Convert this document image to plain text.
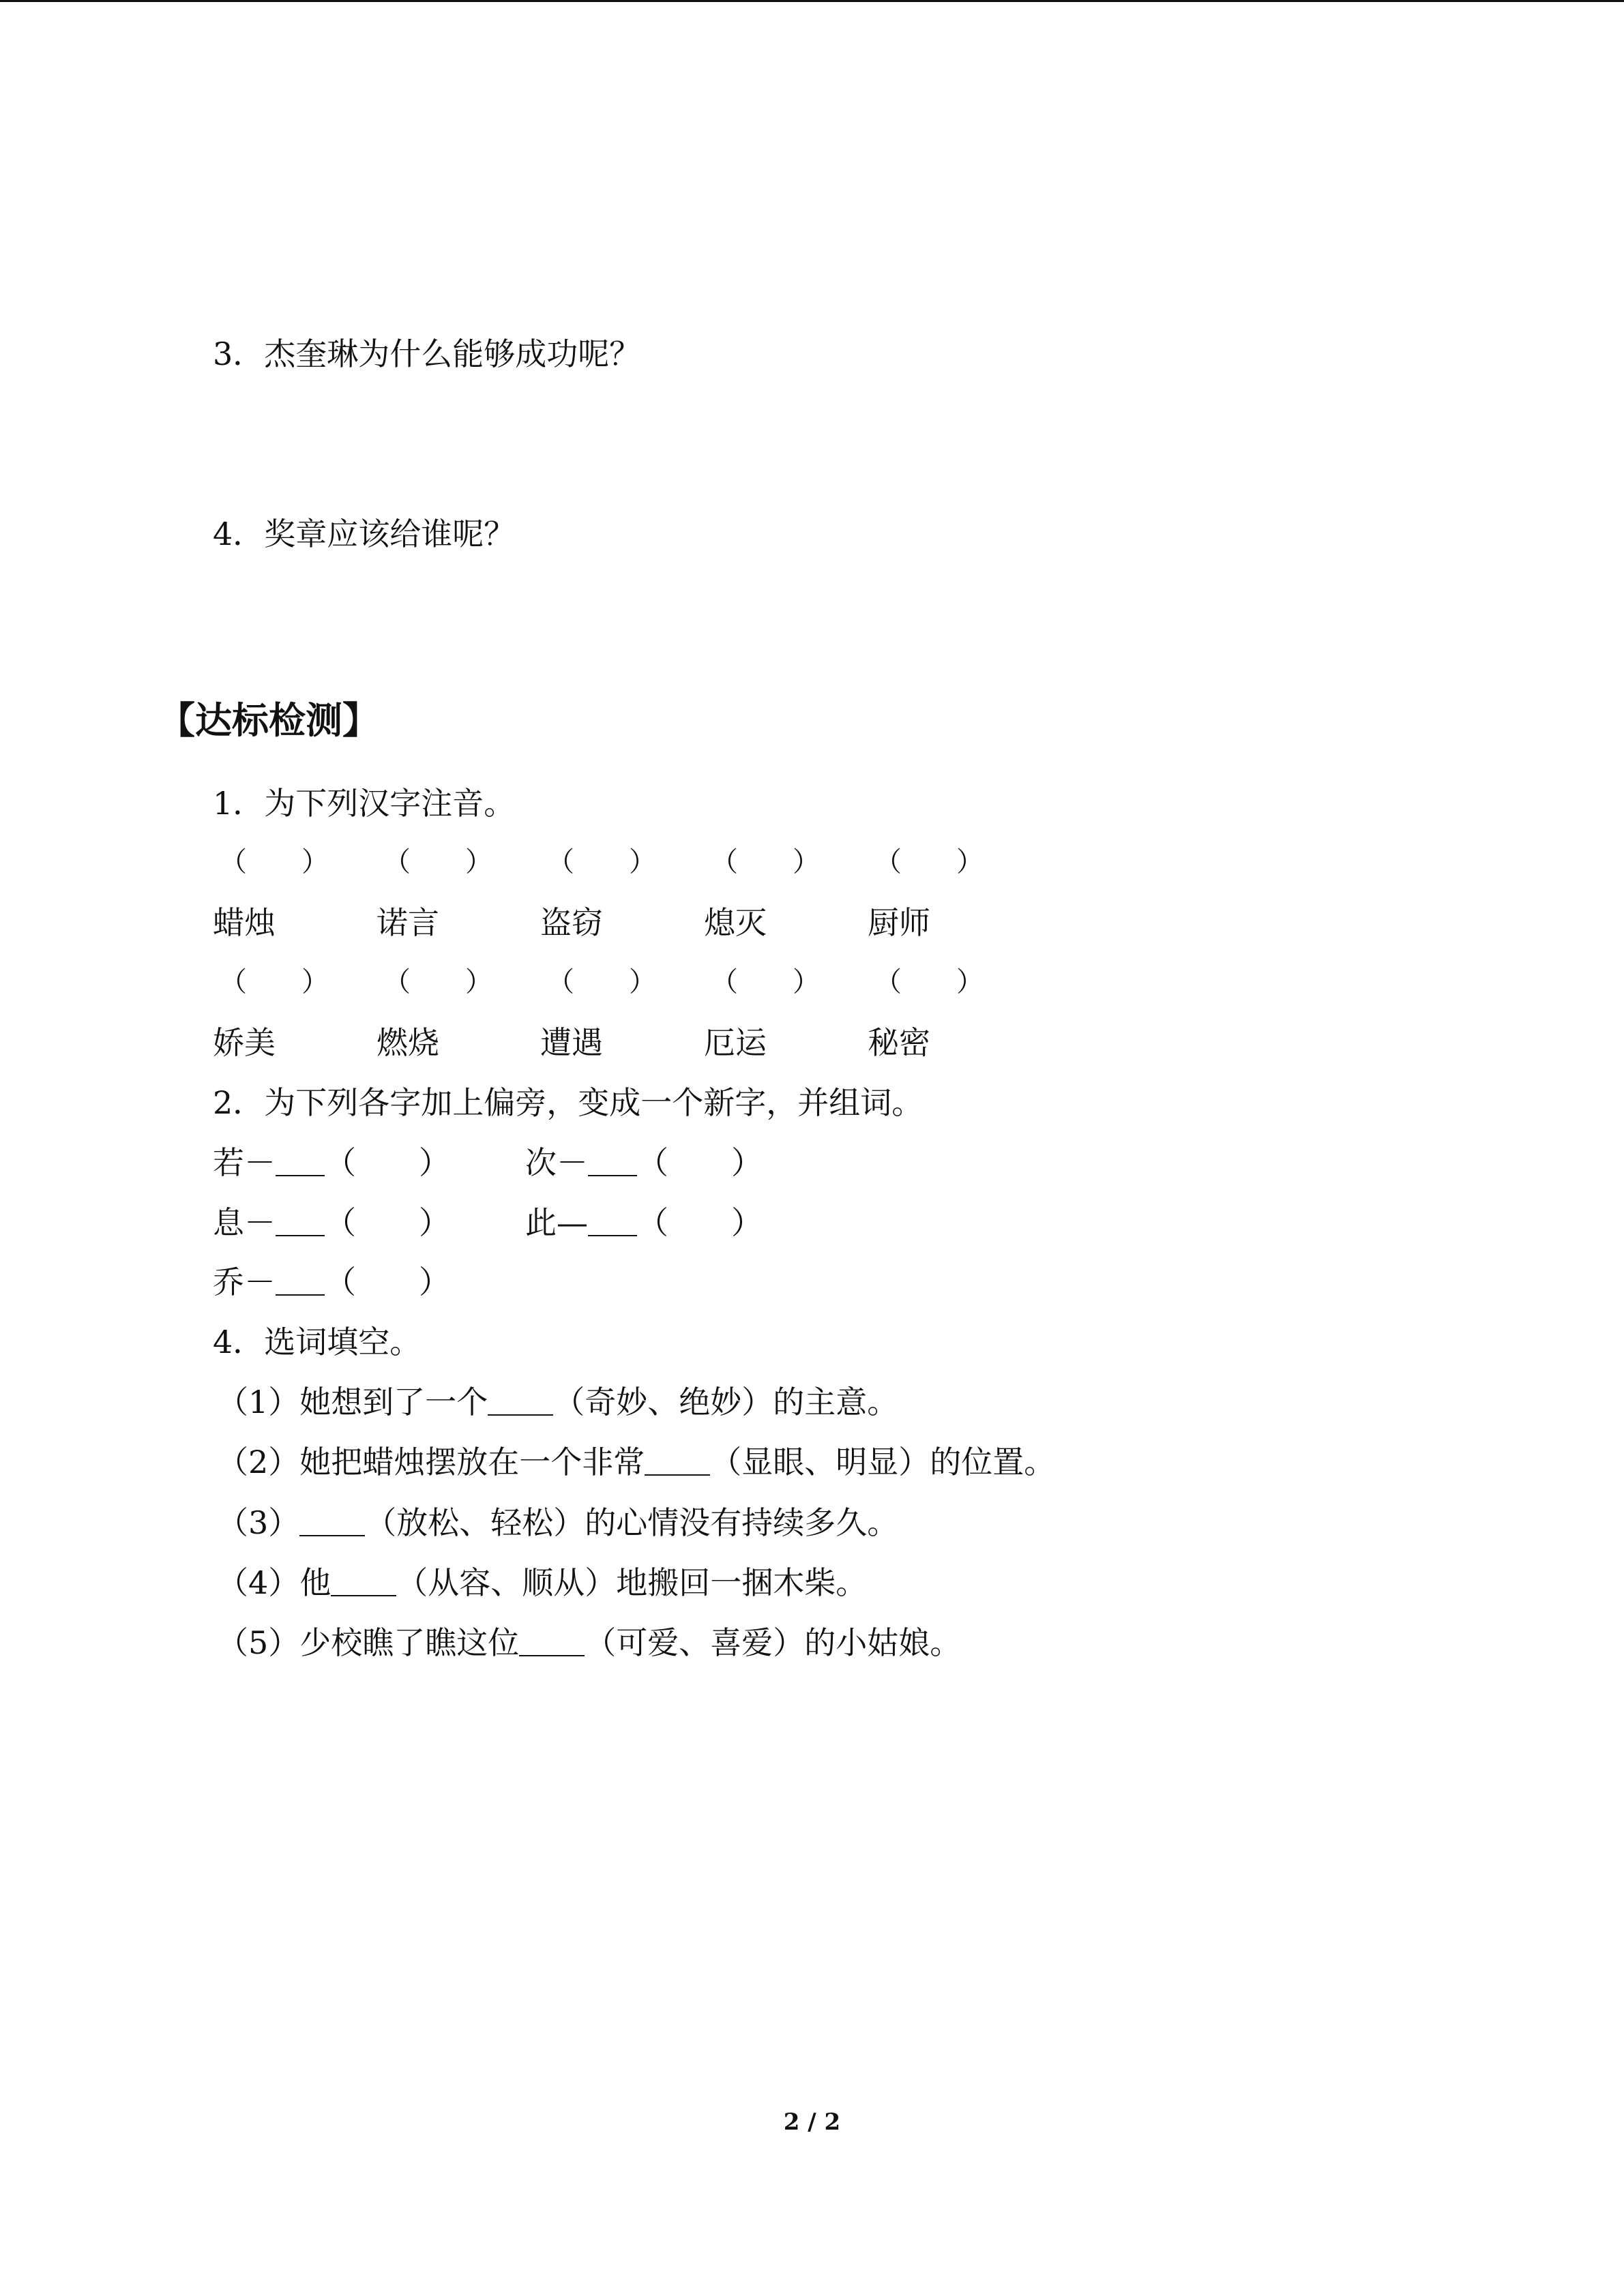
3．杰奎琳为什么能够成功呢？
4．奖章应该给谁呢？
【达标检测】
1．为下列汉字注音。
（　　） （　　） （　　） （　　） （　　）
蜡烛	诺言	盗窃	熄灭	厨师
（　　） （　　） （　　） （　　） （　　）
娇美	燃烧	遭遇	厄运	秘密
2．为下列各字加上偏旁，变成一个新字，并组词。
若－ （　　） 次－ （　　）
息－ （　　） 此— （　　）
乔－ （　　）
4．选词填空。
（1）她想到了一个 （奇妙、绝妙）的主意。
（2）她把蜡烛摆放在一个非常 （显眼、明显）的位置。
（3） （放松、轻松）的心情没有持续多久。
（4）他 （从容、顺从）地搬回一捆木柴。
（5）少校瞧了瞧这位 （可爱、喜爱）的小姑娘。
2 / 2
